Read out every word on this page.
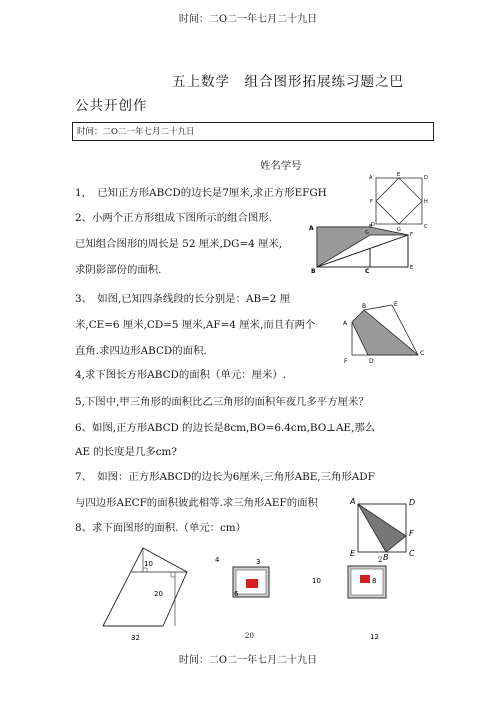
时间：二O二一年七月二十九日
五上数学　组合图形拓展练习题之巴
公共开创作
时间：二O二一年七月二十九日
姓名学号
1，　已知正方形ABCD的边长是7厘米,求正方形EFGH
2、小两个正方形组成下图所示的组合图形.
已知组合图形的周长是 52 厘米,DG=4 厘米,
求阴影部份的面积.
3、　如图,已知四条线段的长分别是：AB=2 厘
米,CE=6 厘米,CD=5 厘米,AF=4 厘米,而且有两个
直角.求四边形ABCD的面积.
4,求下图长方形ABCD的面积（单元：厘米）.
5,下图中,甲三角形的面积比乙三角形的面积年夜几多平方厘米？
6、如图,正方形ABCD 的边长是8cm,BO=6.4cm,BO⊥AE,那么
AE 的长度是几多cm?
7、　如图：正方形ABCD的边长为6厘米,三角形ABE,三角形ADF
与四边形AECF的面积彼此相等.求三角形AEF的面积
8、求下面图形的面积.（单元：cm）
A
C
D
E
F
G
H
A
B	C
D
E
F
G
A
B
C
D
E
F
A	D
F
C
E	B
10
20
32	20
4	3
6
10	8
12
2
时间：二O二一年七月二十九日
